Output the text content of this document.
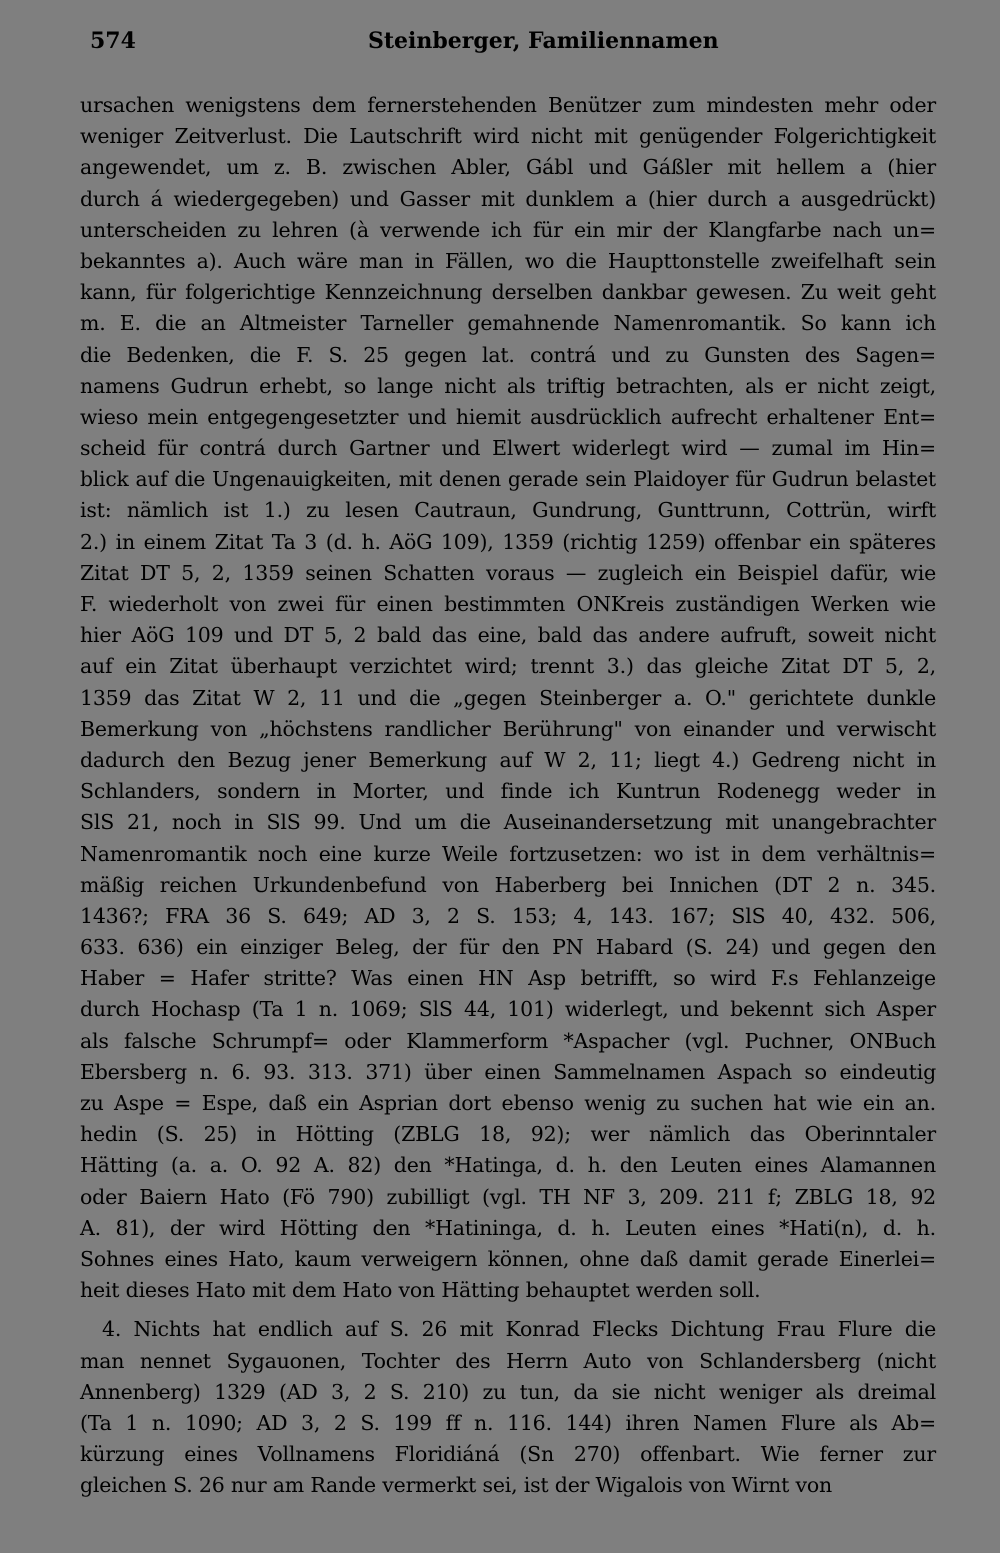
574	Steinberger, Familiennamen
ursachen wenigstens dem fernerstehenden Benützer zum mindesten mehr oder
weniger Zeitverlust. Die Lautschrift wird nicht mit genügender Folgerichtigkeit
angewendet, um z. B. zwischen Abler, Gábl und Gáßler mit hellem a (hier
durch á wiedergegeben) und Gasser mit dunklem a (hier durch a ausgedrückt)
unterscheiden zu lehren (à verwende ich für ein mir der Klangfarbe nach un=
bekanntes a). Auch wäre man in Fällen, wo die Haupttonstelle zweifelhaft sein
kann, für folgerichtige Kennzeichnung derselben dankbar gewesen. Zu weit geht
m. E. die an Altmeister Tarneller gemahnende Namenromantik. So kann ich
die Bedenken, die F. S. 25 gegen lat. contrá und zu Gunsten des Sagen=
namens Gudrun erhebt, so lange nicht als triftig betrachten, als er nicht zeigt,
wieso mein entgegengesetzter und hiemit ausdrücklich aufrecht erhaltener Ent=
scheid für contrá durch Gartner und Elwert widerlegt wird — zumal im Hin=
blick auf die Ungenauigkeiten, mit denen gerade sein Plaidoyer für Gudrun belastet
ist: nämlich ist 1.) zu lesen Cautraun, Gundrung, Gunttrunn, Cottrün, wirft
2.) in einem Zitat Ta 3 (d. h. AöG 109), 1359 (richtig 1259) offenbar ein späteres
Zitat DT 5, 2, 1359 seinen Schatten voraus — zugleich ein Beispiel dafür, wie
F. wiederholt von zwei für einen bestimmten ONKreis zuständigen Werken wie
hier AöG 109 und DT 5, 2 bald das eine, bald das andere aufruft, soweit nicht
auf ein Zitat überhaupt verzichtet wird; trennt 3.) das gleiche Zitat DT 5, 2,
1359 das Zitat W 2, 11 und die „gegen Steinberger a. O." gerichtete dunkle
Bemerkung von „höchstens randlicher Berührung" von einander und verwischt
dadurch den Bezug jener Bemerkung auf W 2, 11; liegt 4.) Gedreng nicht in
Schlanders, sondern in Morter, und finde ich Kuntrun Rodenegg weder in
SlS 21, noch in SlS 99. Und um die Auseinandersetzung mit unangebrachter
Namenromantik noch eine kurze Weile fortzusetzen: wo ist in dem verhältnis=
mäßig reichen Urkundenbefund von Haberberg bei Innichen (DT 2 n. 345.
1436?; FRA 36 S. 649; AD 3, 2 S. 153; 4, 143. 167; SlS 40, 432. 506,
633. 636) ein einziger Beleg, der für den PN Habard (S. 24) und gegen den
Haber = Hafer stritte? Was einen HN Asp betrifft, so wird F.s Fehlanzeige
durch Hochasp (Ta 1 n. 1069; SlS 44, 101) widerlegt, und bekennt sich Asper
als falsche Schrumpf= oder Klammerform *Aspacher (vgl. Puchner, ONBuch
Ebersberg n. 6. 93. 313. 371) über einen Sammelnamen Aspach so eindeutig
zu Aspe = Espe, daß ein Asprian dort ebenso wenig zu suchen hat wie ein an.
hedin (S. 25) in Hötting (ZBLG 18, 92); wer nämlich das Oberinntaler
Hätting (a. a. O. 92 A. 82) den *Hatinga, d. h. den Leuten eines Alamannen
oder Baiern Hato (Fö 790) zubilligt (vgl. TH NF 3, 209. 211 f; ZBLG 18, 92
A. 81), der wird Hötting den *Hatininga, d. h. Leuten eines *Hati(n), d. h.
Sohnes eines Hato, kaum verweigern können, ohne daß damit gerade Einerlei=
heit dieses Hato mit dem Hato von Hätting behauptet werden soll.
4. Nichts hat endlich auf S. 26 mit Konrad Flecks Dichtung Frau Flure die
man nennet Sygauonen, Tochter des Herrn Auto von Schlandersberg (nicht
Annenberg) 1329 (AD 3, 2 S. 210) zu tun, da sie nicht weniger als dreimal
(Ta 1 n. 1090; AD 3, 2 S. 199 ff n. 116. 144) ihren Namen Flure als Ab=
kürzung eines Vollnamens Floridiáná (Sn 270) offenbart. Wie ferner zur
gleichen S. 26 nur am Rande vermerkt sei, ist der Wigalois von Wirnt von
